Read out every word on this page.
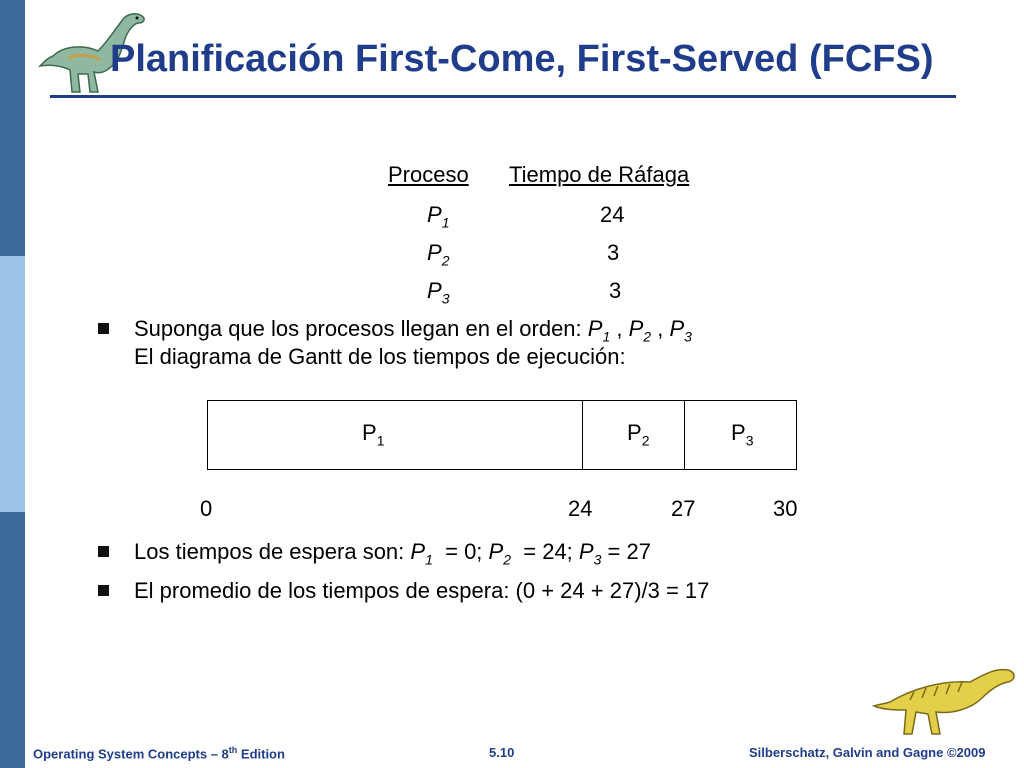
Planificación First-Come, First-Served (FCFS)
Proceso Tiempo de Ráfaga
$P_1$	24
$P_2$	3
$P_3$	3
Suponga que los procesos llegan en el orden: $P_1$ , $P_2$ , $P_3$
El diagrama de Gantt de los tiempos de ejecución:
$P_1$	$P_2$	$P_3$
0	24	27	30
Los tiempos de espera son: $P_1 = 0$; $P_2 = 24$; $P_3 = 27$
El promedio de los tiempos de espera: (0 + 24 + 27)/3 = 17
Operating System Concepts – 8th Edition	5.10	Silberschatz, Galvin and Gagne ©2009
